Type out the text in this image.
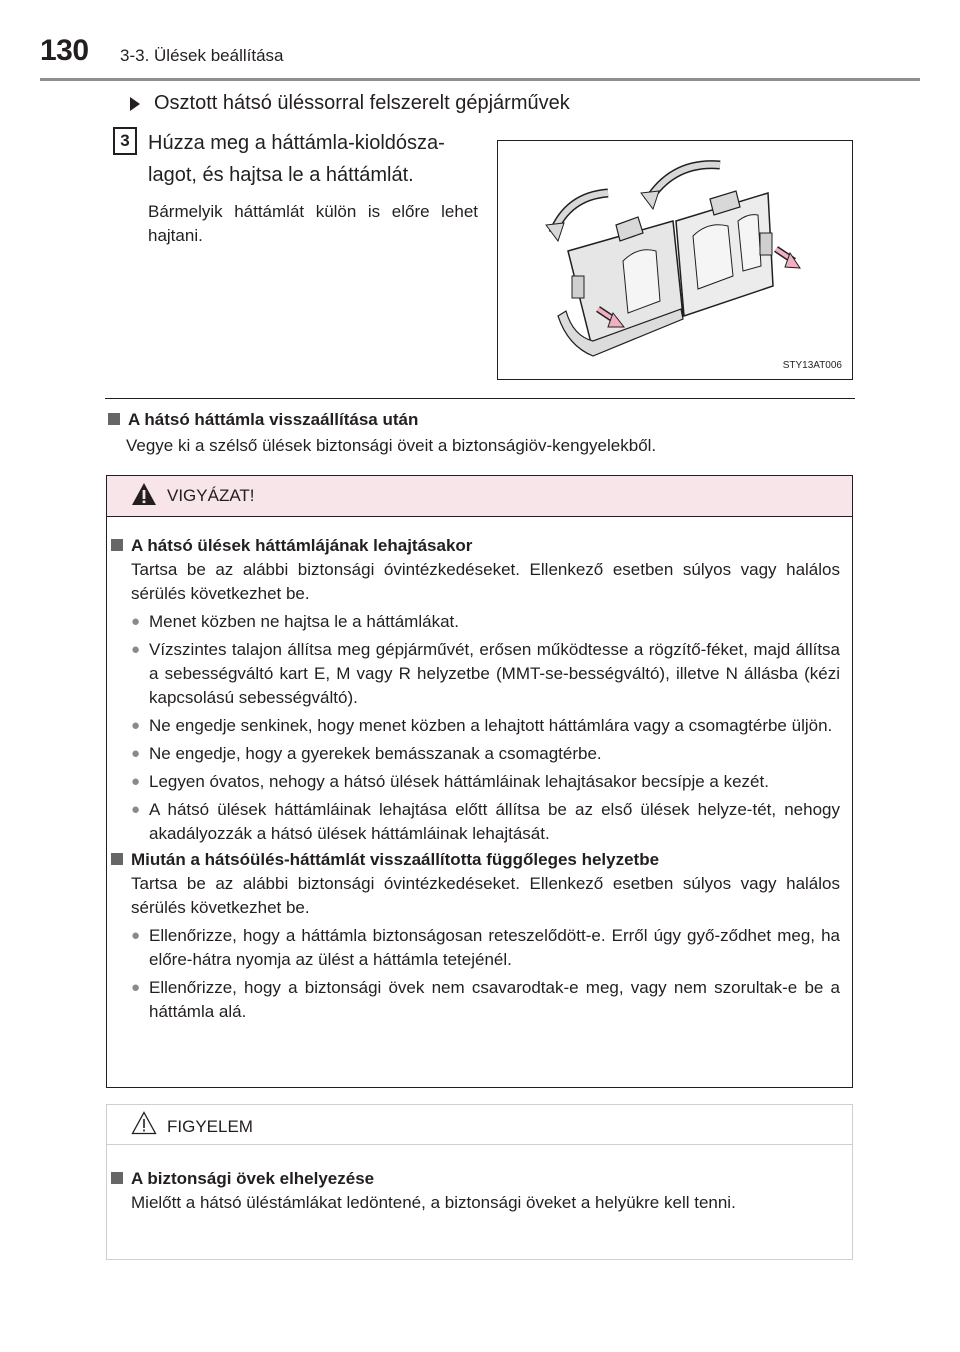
130 3-3. Ülések beállítása
Osztott hátsó üléssorral felszerelt gépjárművek
3 Húzza meg a háttámla-kioldósza-lagot, és hajtsa le a háttámlát.
Bármelyik háttámlát külön is előre lehet hajtani.
STY13AT006
A hátsó háttámla visszaállítása után
Vegye ki a szélső ülések biztonsági öveit a biztonságiöv-kengyelekből.
VIGYÁZAT!
A hátsó ülések háttámlájának lehajtásakor
Tartsa be az alábbi biztonsági óvintézkedéseket. Ellenkező esetben súlyos vagy halálos sérülés következhet be.
● Menet közben ne hajtsa le a háttámlákat.
● Vízszintes talajon állítsa meg gépjárművét, erősen működtesse a rögzítő-féket, majd állítsa a sebességváltó kart E, M vagy R helyzetbe (MMT-se-bességváltó), illetve N állásba (kézi kapcsolású sebességváltó).
● Ne engedje senkinek, hogy menet közben a lehajtott háttámlára vagy a csomagtérbe üljön.
● Ne engedje, hogy a gyerekek bemásszanak a csomagtérbe.
● Legyen óvatos, nehogy a hátsó ülések háttámláinak lehajtásakor becsípje a kezét.
● A hátsó ülések háttámláinak lehajtása előtt állítsa be az első ülések helyze-tét, nehogy akadályozzák a hátsó ülések háttámláinak lehajtását.
Miután a hátsóülés-háttámlát visszaállította függőleges helyzetbe
Tartsa be az alábbi biztonsági óvintézkedéseket. Ellenkező esetben súlyos vagy halálos sérülés következhet be.
● Ellenőrizze, hogy a háttámla biztonságosan reteszelődött-e. Erről úgy győ-ződhet meg, ha előre-hátra nyomja az ülést a háttámla tetejénél.
● Ellenőrizze, hogy a biztonsági övek nem csavarodtak-e meg, vagy nem szorultak-e be a háttámla alá.
FIGYELEM
A biztonsági övek elhelyezése
Mielőtt a hátsó üléstámlákat ledöntené, a biztonsági öveket a helyükre kell tenni.
